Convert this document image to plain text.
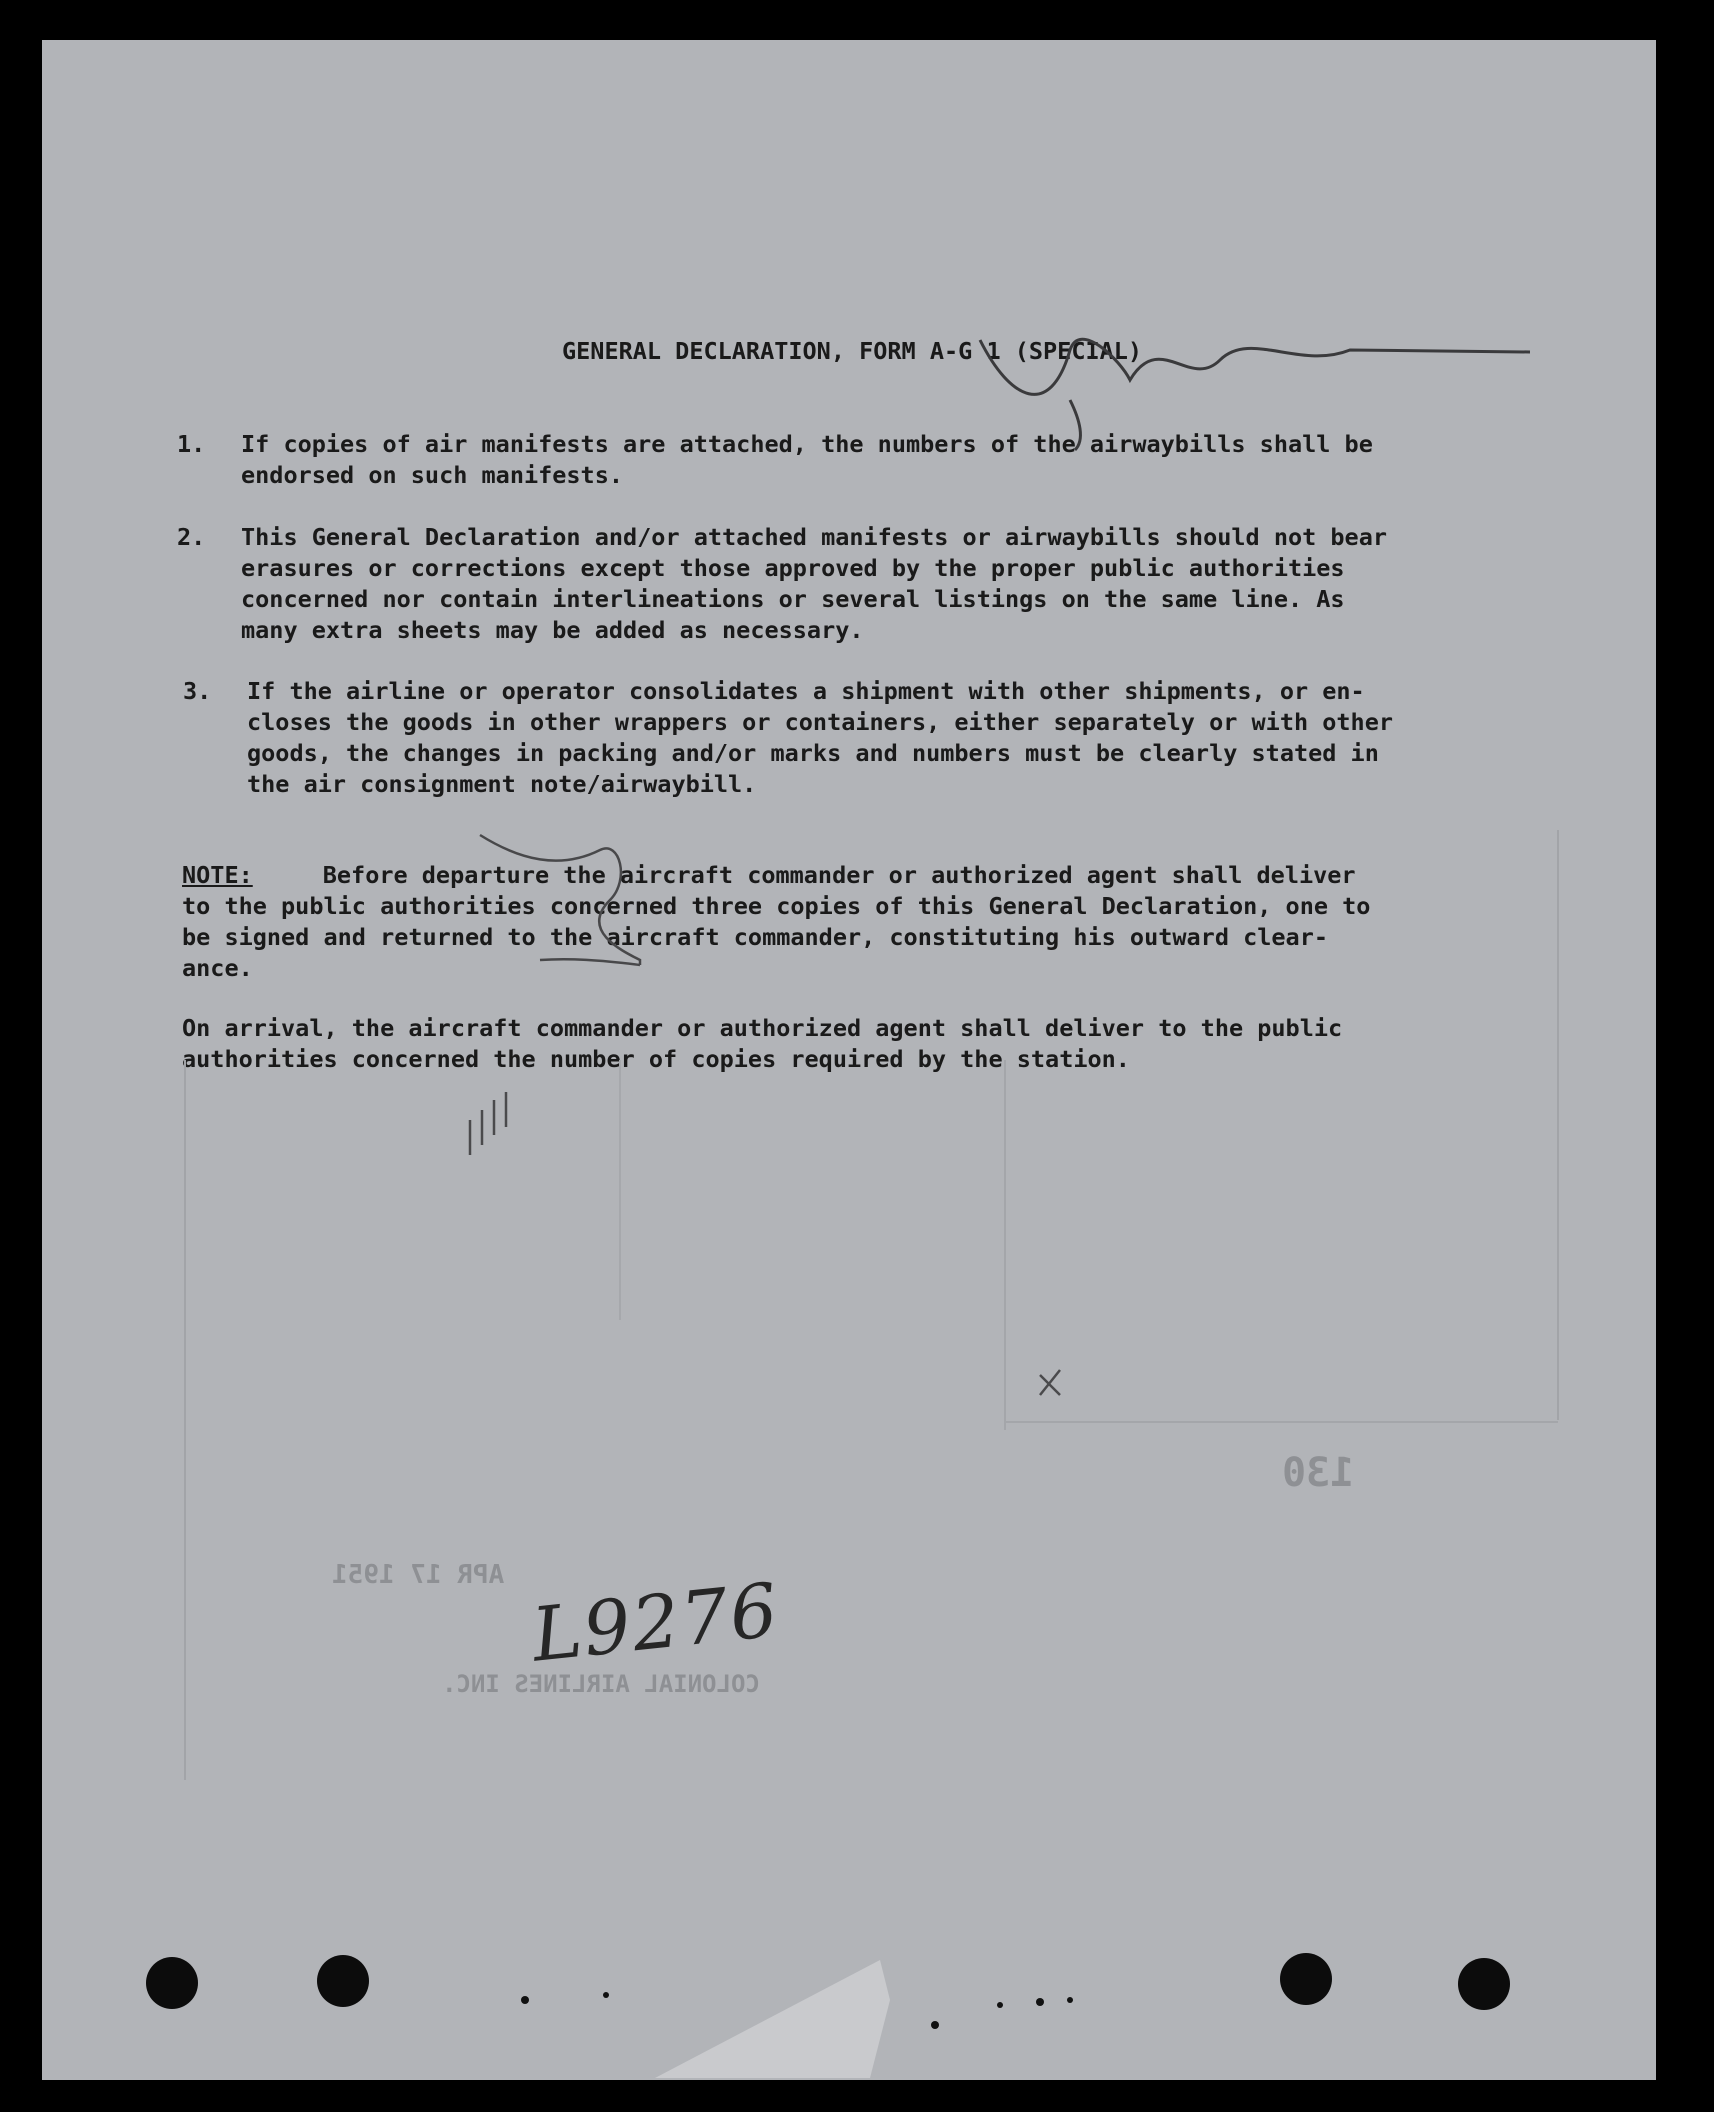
GENERAL DECLARATION, FORM A-G 1 (SPECIAL)
1. If copies of air manifests are attached, the numbers of the airwaybills shall be
endorsed on such manifests.
2. This General Declaration and/or attached manifests or airwaybills should not bear
erasures or corrections except those approved by the proper public authorities
concerned nor contain interlineations or several listings on the same line. As
many extra sheets may be added as necessary.
3. If the airline or operator consolidates a shipment with other shipments, or en-
closes the goods in other wrappers or containers, either separately or with other
goods, the changes in packing and/or marks and numbers must be clearly stated in
the air consignment note/airwaybill.
NOTE:	Before departure the aircraft commander or authorized agent shall deliver
to the public authorities concerned three copies of this General Declaration, one to
be signed and returned to the aircraft commander, constituting his outward clear-
ance.
On arrival, the aircraft commander or authorized agent shall deliver to the public
authorities concerned the number of copies required by the station.
APR 17 1951
COLONIAL AIRLINES INC.
130
L9276
